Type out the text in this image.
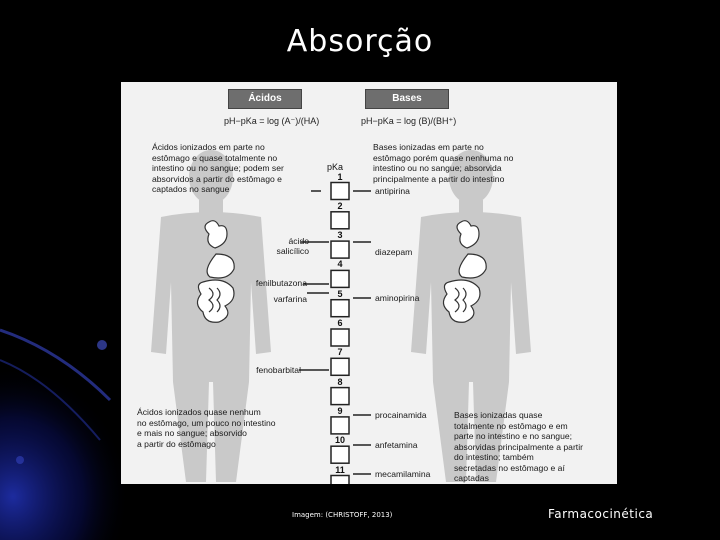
Absorção
Ácidos	Bases
pH−pKa = log (A⁻)/(HA)	pH−pKa = log (B)/(BH⁺)
Ácidos ionizados em parte no
estômago e quase totalmente no
intestino ou no sangue; podem ser
absorvidos a partir do estômago e
captados no sangue
Bases ionizadas em parte no
estômago porém quase nenhuma no
intestino ou no sangue; absorvida
principalmente a partir do intestino
Ácidos ionizados quase nenhum
no estômago, um pouco no intestino
e mais no sangue; absorvido
a partir do estômago
Bases ionizadas quase
totalmente no estômago e em
parte no intestino e no sangue;
absorvidas principalmente a partir
do intestino; também
secretadas no estômago e aí
captadas
pKa
1
2
3
4
5
6
7
8
9
10
11
ácido
salicílico
fenilbutazona
varfarina
fenobarbital
antipirina
diazepam
aminopirina
procainamida
anfetamina
mecamilamina
Imagem: (CHRISTOFF, 2013)	Farmacocinética
